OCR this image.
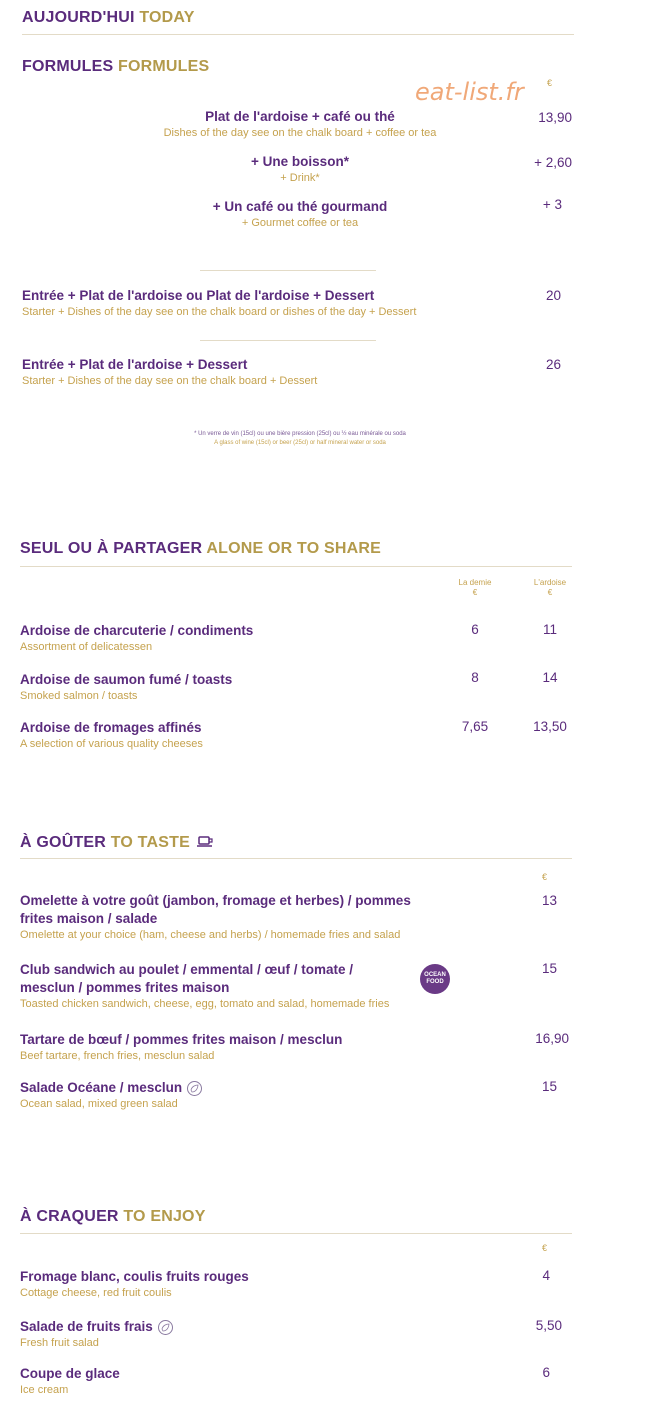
AUJOURD'HUI TODAY
FORMULES FORMULES
eat-list.fr	€
Plat de l'ardoise + café ou thé
Dishes of the day see on the chalk board + coffee or tea
13,90
+ Une boisson*
+ Drink*
+ 2,60
+ Un café ou thé gourmand
+ Gourmet coffee or tea
+ 3
Entrée + Plat de l'ardoise ou Plat de l'ardoise + Dessert
Starter + Dishes of the day see on the chalk board or dishes of the day + Dessert
20
Entrée + Plat de l'ardoise + Dessert
Starter + Dishes of the day see on the chalk board + Dessert
26
* Un verre de vin (15cl) ou une bière pression (25cl) ou ½ eau minérale ou soda
A glass of wine (15cl) or beer (25cl) or half mineral water or soda
SEUL OU À PARTAGER ALONE OR TO SHARE
La demie
€
L'ardoise
€
Ardoise de charcuterie / condiments
Assortment of delicatessen
6	11
Ardoise de saumon fumé / toasts
Smoked salmon / toasts
8	14
Ardoise de fromages affinés
A selection of various quality cheeses
7,65	13,50
À GOÛTER TO TASTE
€
Omelette à votre goût (jambon, fromage et herbes) / pommes
frites maison / salade
Omelette at your choice (ham, cheese and herbs) / homemade fries and salad
13
Club sandwich au poulet / emmental / œuf / tomate /
mesclun / pommes frites maison
Toasted chicken sandwich, cheese, egg, tomato and salad, homemade fries
OCEAN FOOD
15
Tartare de bœuf / pommes frites maison / mesclun
Beef tartare, french fries, mesclun salad
16,90
Salade Océane / mesclun
Ocean salad, mixed green salad
15
À CRAQUER TO ENJOY
€
Fromage blanc, coulis fruits rouges
Cottage cheese, red fruit coulis
4
Salade de fruits frais
Fresh fruit salad
5,50
Coupe de glace
Ice cream
6
